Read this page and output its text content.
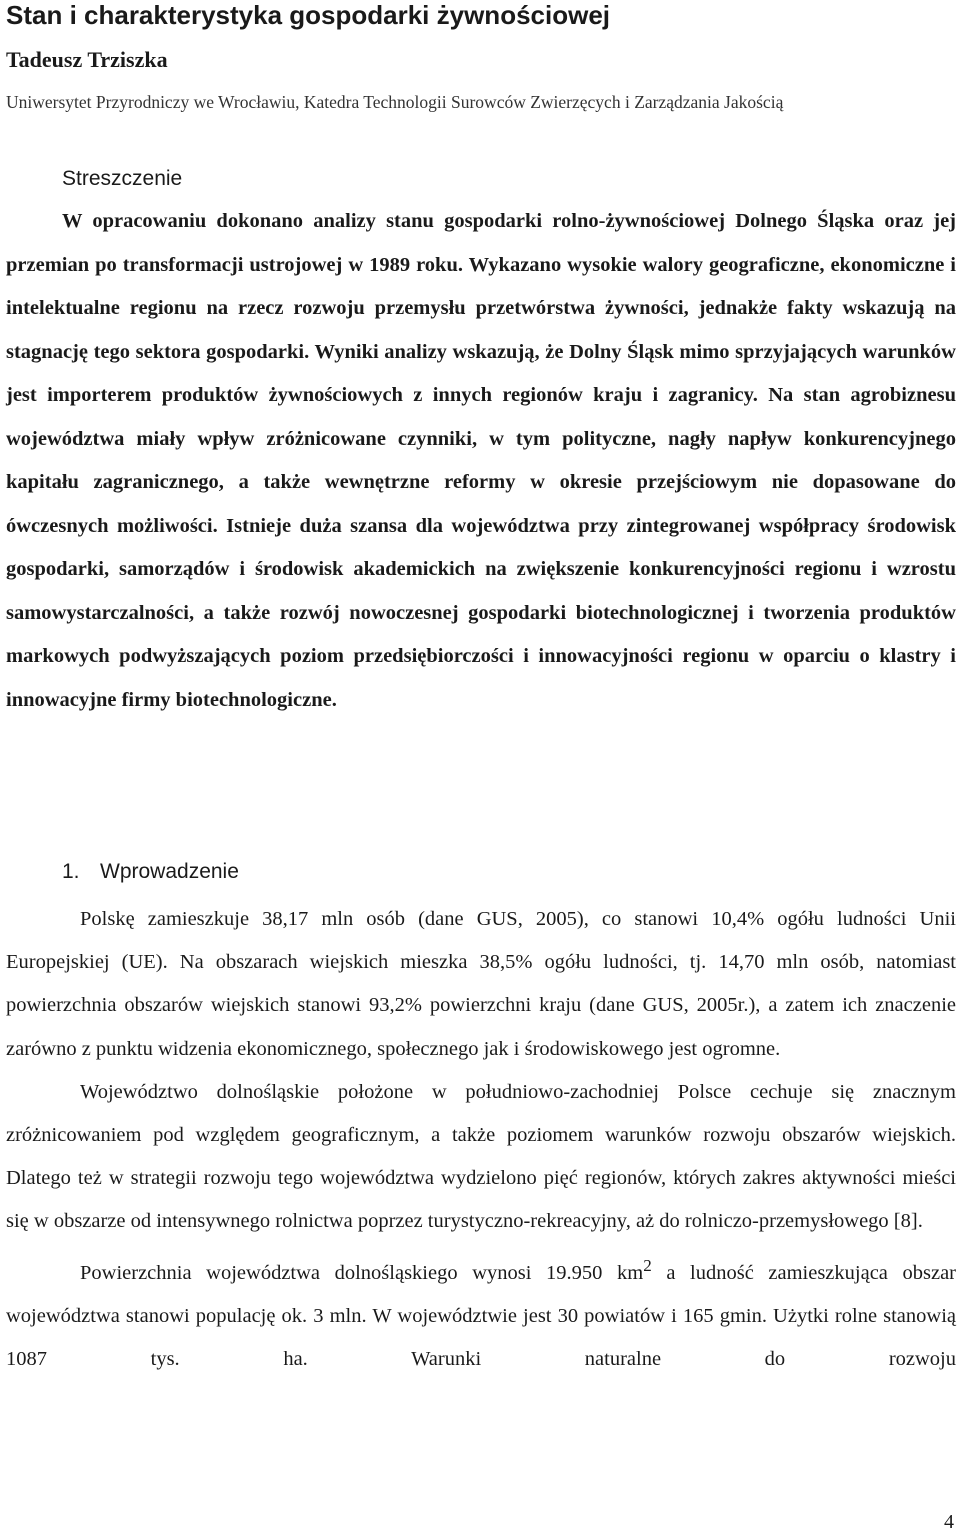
Stan i charakterystyka gospodarki żywnościowej
Tadeusz Trziszka
Uniwersytet Przyrodniczy we Wrocławiu, Katedra Technologii Surowców Zwierzęcych i Zarządzania Jakością
Streszczenie
W opracowaniu dokonano analizy stanu gospodarki rolno-żywnościowej Dolnego Śląska oraz jej przemian po transformacji ustrojowej w 1989 roku. Wykazano wysokie walory geograficzne, ekonomiczne i intelektualne regionu na rzecz rozwoju przemysłu przetwórstwa żywności, jednakże fakty wskazują na stagnację tego sektora gospodarki. Wyniki analizy wskazują, że Dolny Śląsk mimo sprzyjających warunków jest importerem produktów żywnościowych z innych regionów kraju i zagranicy. Na stan agrobiznesu województwa miały wpływ zróżnicowane czynniki, w tym polityczne, nagły napływ konkurencyjnego kapitału zagranicznego, a także wewnętrzne reformy w okresie przejściowym nie dopasowane do ówczesnych możliwości. Istnieje duża szansa dla województwa przy zintegrowanej współpracy środowisk gospodarki, samorządów i środowisk akademickich na zwiększenie konkurencyjności regionu i wzrostu samowystarczalności, a także rozwój nowoczesnej gospodarki biotechnologicznej i tworzenia produktów markowych podwyższających poziom przedsiębiorczości i innowacyjności regionu w oparciu o klastry i innowacyjne firmy biotechnologiczne.
1. Wprowadzenie

Polskę zamieszkuje 38,17 mln osób (dane GUS, 2005), co stanowi 10,4% ogółu ludności Unii Europejskiej (UE). Na obszarach wiejskich mieszka 38,5% ogółu ludności, tj. 14,70 mln osób, natomiast powierzchnia obszarów wiejskich stanowi 93,2% powierzchni kraju (dane GUS, 2005r.), a zatem ich znaczenie zarówno z punktu widzenia ekonomicznego, społecznego jak i środowiskowego jest ogromne.

Województwo dolnośląskie położone w południowo-zachodniej Polsce cechuje się znacznym zróżnicowaniem pod względem geograficznym, a także poziomem warunków rozwoju obszarów wiejskich. Dlatego też w strategii rozwoju tego województwa wydzielono pięć regionów, których zakres aktywności mieści się w obszarze od intensywnego rolnictwa poprzez turystyczno-rekreacyjny, aż do rolniczo-przemysłowego [8].

Powierzchnia województwa dolnośląskiego wynosi 19.950 $km^2$ a ludność zamieszkująca obszar województwa stanowi populację ok. 3 mln. W województwie jest 30 powiatów i 165 gmin. Użytki rolne stanowią 1087 tys. ha. Warunki naturalne do rozwoju

4
